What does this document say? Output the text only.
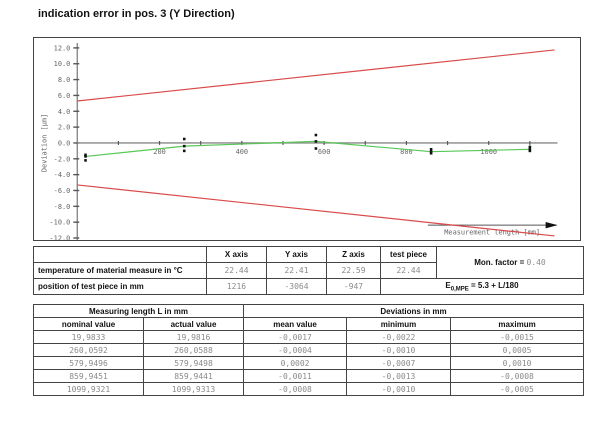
indication error in pos. 3 (Y Direction)
-12.0
-10.0
-8.0
-6.0
-4.0
-2.0
0.0
2.0
4.0
6.0
8.0
10.0
12.0
200	400	600	800	1000
Deviation [µm]
Measurement length [mm]
	X axis	Y axis	Z axis	test piece	Mon. factor = 0.40
temperature of material measure in °C	22.44	22.41	22.59	22.44	
position of test piece in mm	1216	-3064	-947	$E_{0,MPE} = 5.3 + L/180$	
Measuring length L in mm		Deviations in mm		
nominal value	actual value	mean value	minimum	maximum
19,9833	19,9816	-0,0017	-0,0022	-0,0015
260,0592	260,0588	-0,0004	-0,0010	0,0005
579,9496	579,9498	0,0002	-0,0007	0,0010
859,9451	859,9441	-0,0011	-0,0013	-0,0008
1099,9321	1099,9313	-0,0008	-0,0010	-0,0005
